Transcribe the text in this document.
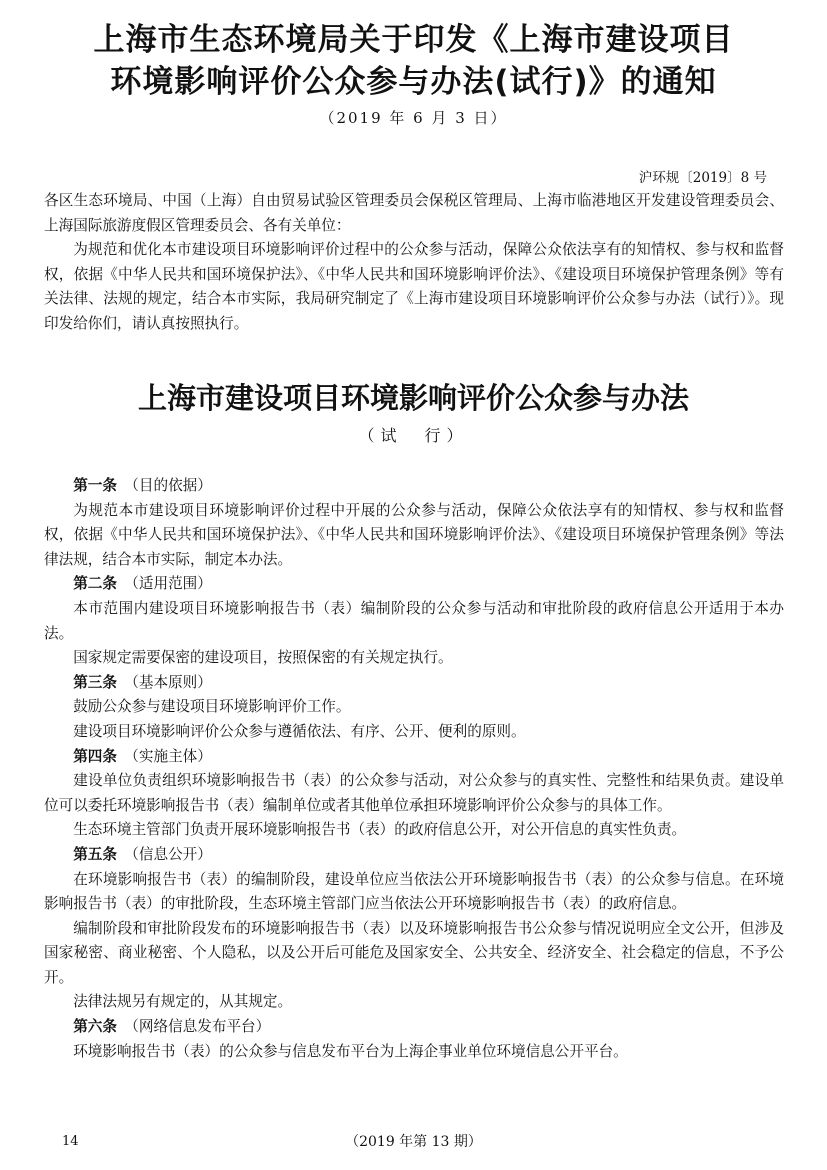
上海市生态环境局关于印发《上海市建设项目
环境影响评价公众参与办法(试行)》的通知
（2019 年 6 月 3 日）
沪环规〔2019〕8 号

各区生态环境局、中国（上海）自由贸易试验区管理委员会保税区管理局、上海市临港地区开发建设管理委员会、上海国际旅游度假区管理委员会、各有关单位：

为规范和优化本市建设项目环境影响评价过程中的公众参与活动，保障公众依法享有的知情权、参与权和监督权，依据《中华人民共和国环境保护法》、《中华人民共和国环境影响评价法》、《建设项目环境保护管理条例》等有关法律、法规的规定，结合本市实际，我局研究制定了《上海市建设项目环境影响评价公众参与办法（试行）》。现印发给你们，请认真按照执行。

上海市建设项目环境影响评价公众参与办法
（试　行）

第一条　 （目的依据）

为规范本市建设项目环境影响评价过程中开展的公众参与活动，保障公众依法享有的知情权、参与权和监督权，依据《中华人民共和国环境保护法》、《中华人民共和国环境影响评价法》、《建设项目环境保护管理条例》等法律法规，结合本市实际，制定本办法。

第二条　 （适用范围）

本市范围内建设项目环境影响报告书（表）编制阶段的公众参与活动和审批阶段的政府信息公开适用于本办法。

国家规定需要保密的建设项目，按照保密的有关规定执行。

第三条　 （基本原则）

鼓励公众参与建设项目环境影响评价工作。

建设项目环境影响评价公众参与遵循依法、有序、公开、便利的原则。

第四条　 （实施主体）

建设单位负责组织环境影响报告书（表）的公众参与活动，对公众参与的真实性、完整性和结果负责。建设单位可以委托环境影响报告书（表）编制单位或者其他单位承担环境影响评价公众参与的具体工作。

生态环境主管部门负责开展环境影响报告书（表）的政府信息公开，对公开信息的真实性负责。

第五条　 （信息公开）

在环境影响报告书（表）的编制阶段，建设单位应当依法公开环境影响报告书（表）的公众参与信息。在环境影响报告书（表）的审批阶段，生态环境主管部门应当依法公开环境影响报告书（表）的政府信息。

编制阶段和审批阶段发布的环境影响报告书（表）以及环境影响报告书公众参与情况说明应全文公开，但涉及国家秘密、商业秘密、个人隐私，以及公开后可能危及国家安全、公共安全、经济安全、社会稳定的信息，不予公开。

法律法规另有规定的，从其规定。

第六条　 （网络信息发布平台）

环境影响报告书（表）的公众参与信息发布平台为上海企事业单位环境信息公开平台。

14	（2019 年第 13 期）
